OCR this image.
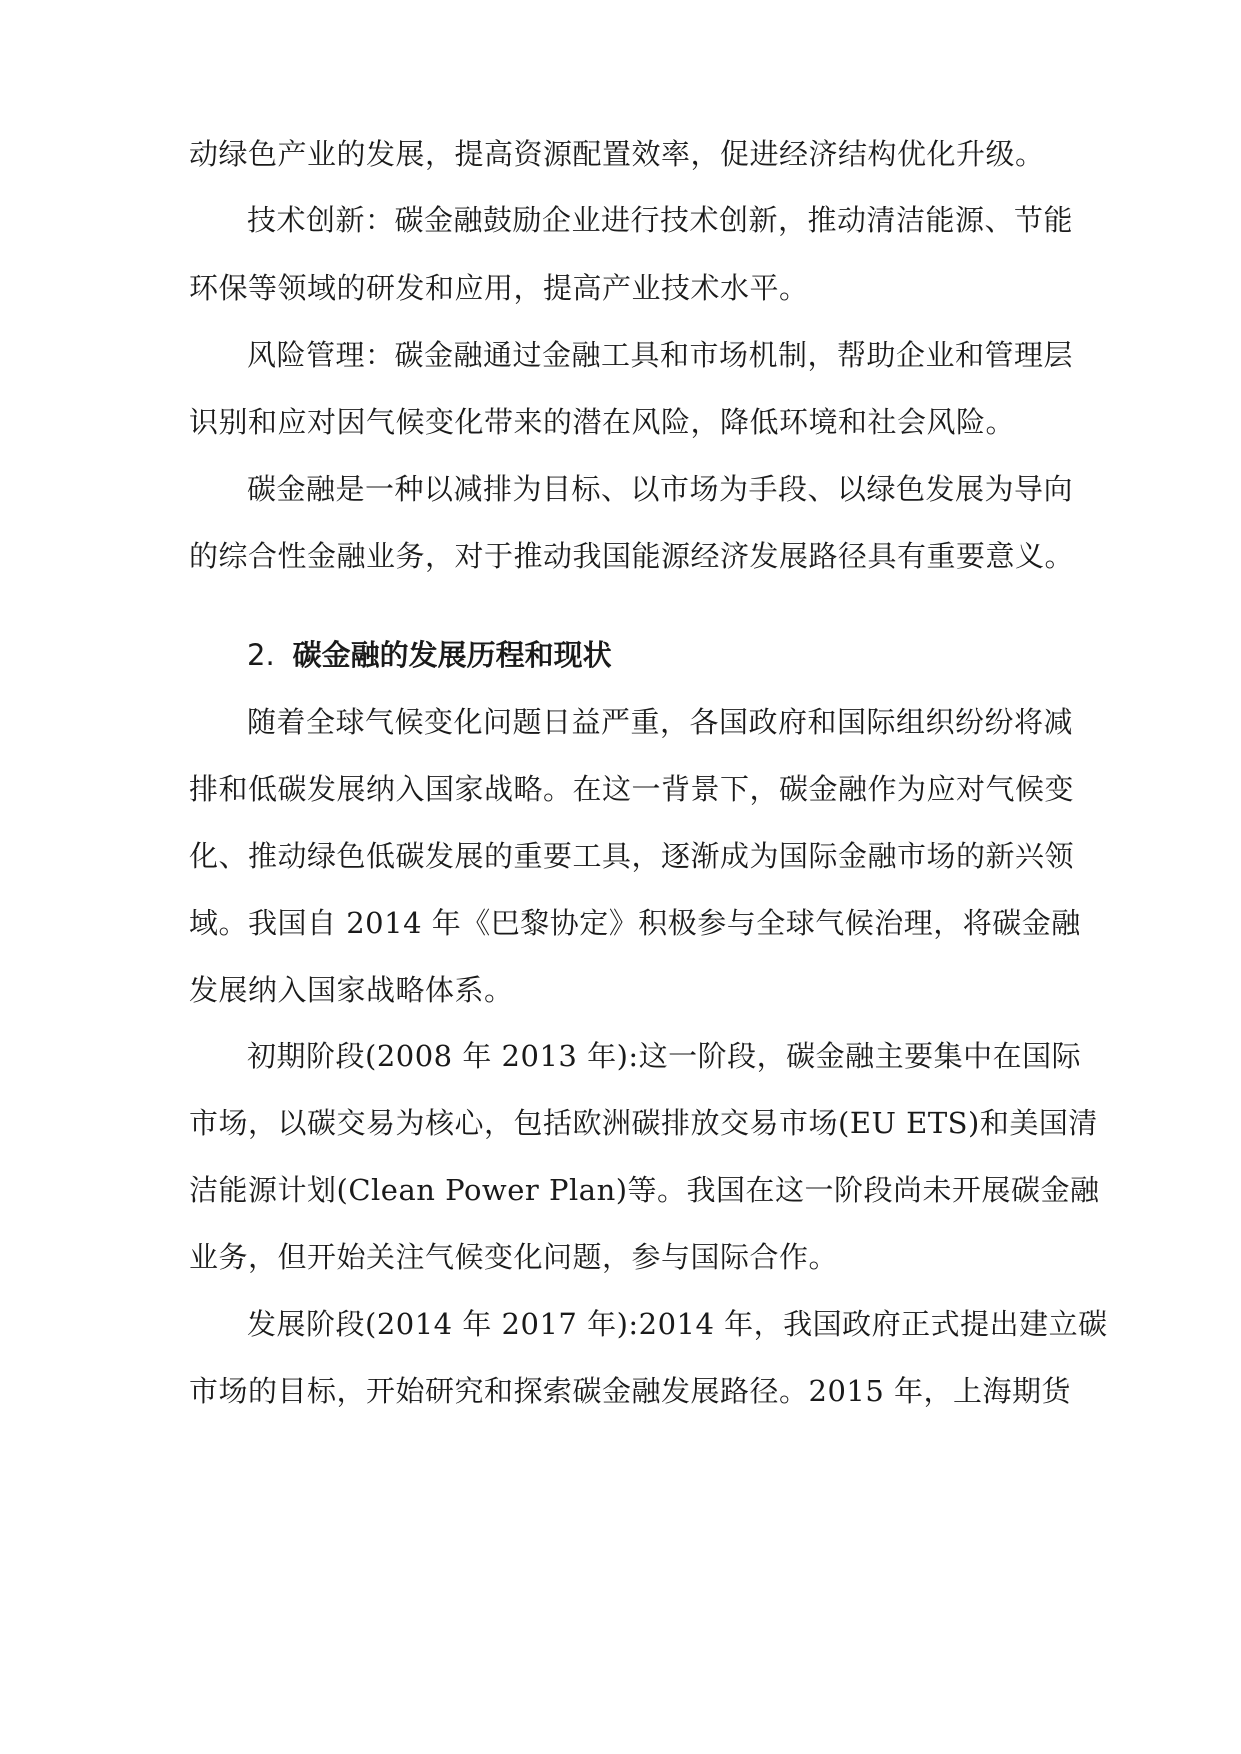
动绿色产业的发展，提高资源配置效率，促进经济结构优化升级。
技术创新：碳金融鼓励企业进行技术创新，推动清洁能源、节能
环保等领域的研发和应用，提高产业技术水平。
风险管理：碳金融通过金融工具和市场机制，帮助企业和管理层
识别和应对因气候变化带来的潜在风险，降低环境和社会风险。
碳金融是一种以减排为目标、以市场为手段、以绿色发展为导向
的综合性金融业务，对于推动我国能源经济发展路径具有重要意义。
2. 碳金融的发展历程和现状
随着全球气候变化问题日益严重，各国政府和国际组织纷纷将减
排和低碳发展纳入国家战略。在这一背景下，碳金融作为应对气候变
化、推动绿色低碳发展的重要工具，逐渐成为国际金融市场的新兴领
域。我国自 2014 年《巴黎协定》积极参与全球气候治理，将碳金融
发展纳入国家战略体系。
初期阶段(2008 年 2013 年):这一阶段，碳金融主要集中在国际
市场，以碳交易为核心，包括欧洲碳排放交易市场(EU ETS)和美国清
洁能源计划(Clean Power Plan)等。我国在这一阶段尚未开展碳金融
业务，但开始关注气候变化问题，参与国际合作。
发展阶段(2014 年 2017 年):2014 年，我国政府正式提出建立碳
市场的目标，开始研究和探索碳金融发展路径。2015 年，上海期货
